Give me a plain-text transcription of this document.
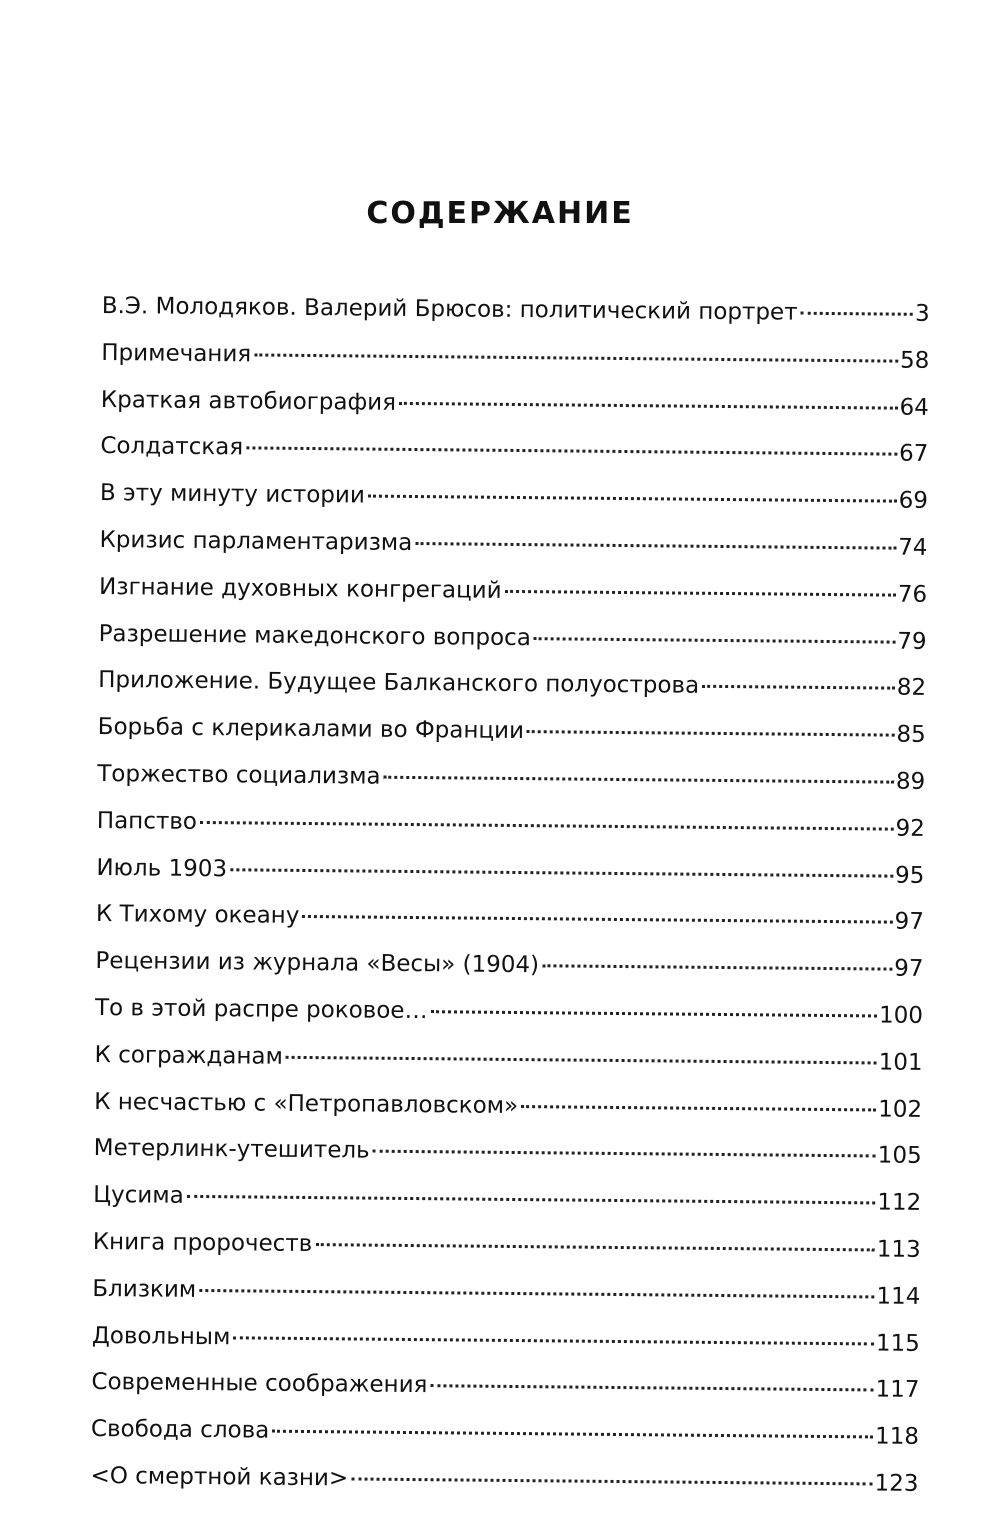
СОДЕРЖАНИЕ
В.Э. Молодяков. Валерий Брюсов: политический портрет	3
Примечания	58
Краткая автобиография	64
Солдатская	67
В эту минуту истории	69
Кризис парламентаризма	74
Изгнание духовных конгрегаций	76
Разрешение македонского вопроса	79
Приложение. Будущее Балканского полуострова	82
Борьба с клерикалами во Франции	85
Торжество социализма	89
Папство	92
Июль 1903	95
К Тихому океану	97
Рецензии из журнала «Весы» (1904)	97
То в этой распре роковое…	100
К согражданам	101
К несчастью с «Петропавловском»	102
Метерлинк-утешитель	105
Цусима	112
Книга пророчеств	113
Близким	114
Довольным	115
Современные соображения	117
Свобода слова	118
<О смертной казни>	123
